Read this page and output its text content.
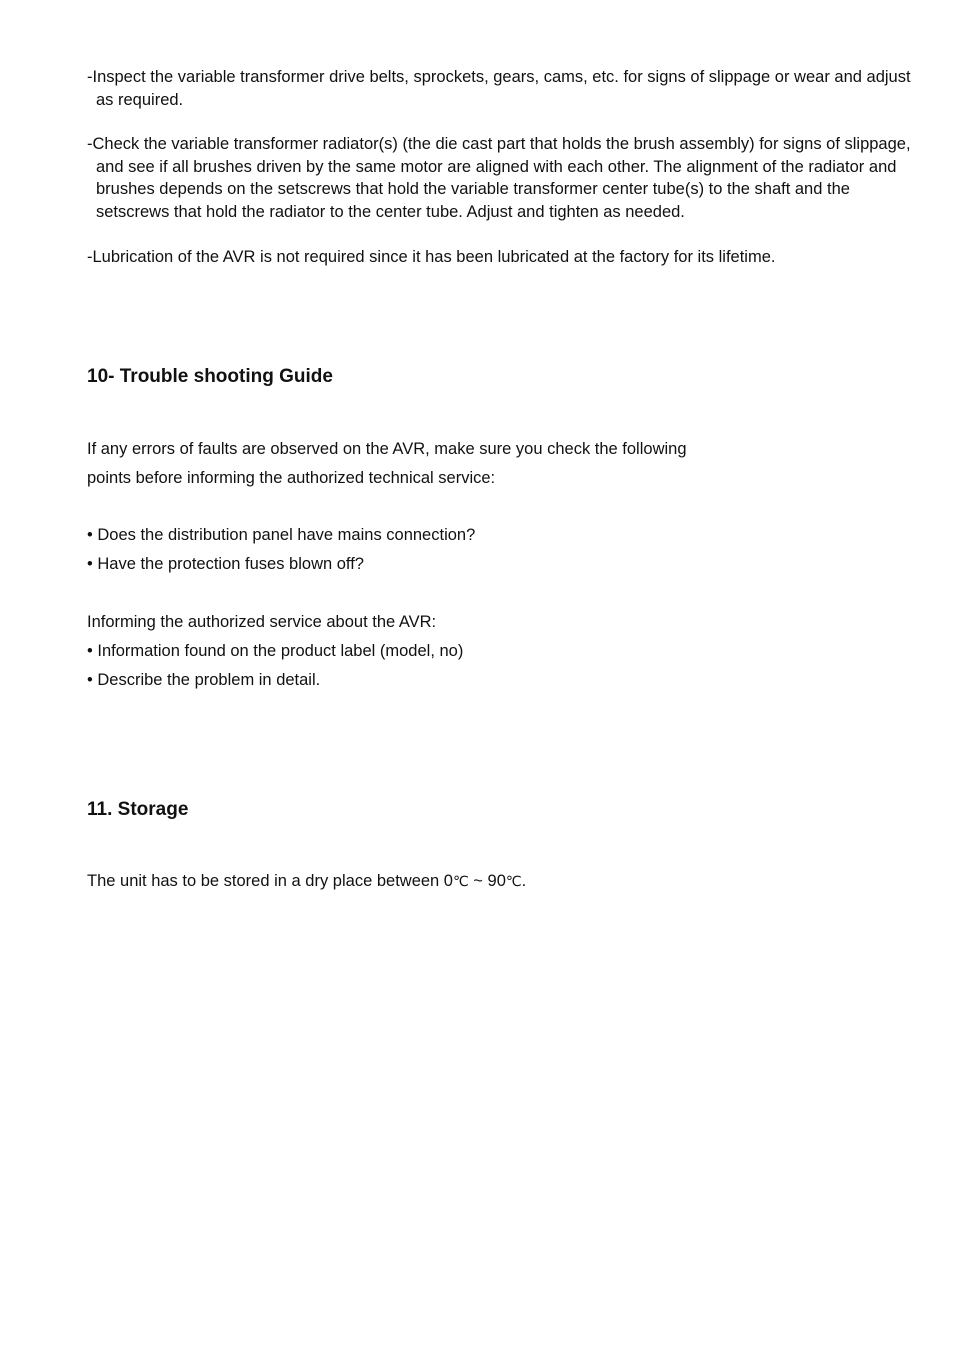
-Inspect the variable transformer drive belts, sprockets, gears, cams, etc. for signs of slippage or wear and adjust as required.

-Check the variable transformer radiator(s) (the die cast part that holds the brush assembly) for signs of slippage, and see if all brushes driven by the same motor are aligned with each other. The alignment of the radiator and brushes depends on the setscrews that hold the variable transformer center tube(s) to the shaft and the setscrews that hold the radiator to the center tube. Adjust and tighten as needed.

-Lubrication of the AVR is not required since it has been lubricated at the factory for its lifetime.

10- Trouble shooting Guide

If any errors of faults are observed on the AVR, make sure you check the following

points before informing the authorized technical service:

• Does the distribution panel have mains connection?

• Have the protection fuses blown off?

Informing the authorized service about the AVR:

• Information found on the product label (model, no)

• Describe the problem in detail.

11. Storage

The unit has to be stored in a dry place between 0℃ ~ 90℃.
